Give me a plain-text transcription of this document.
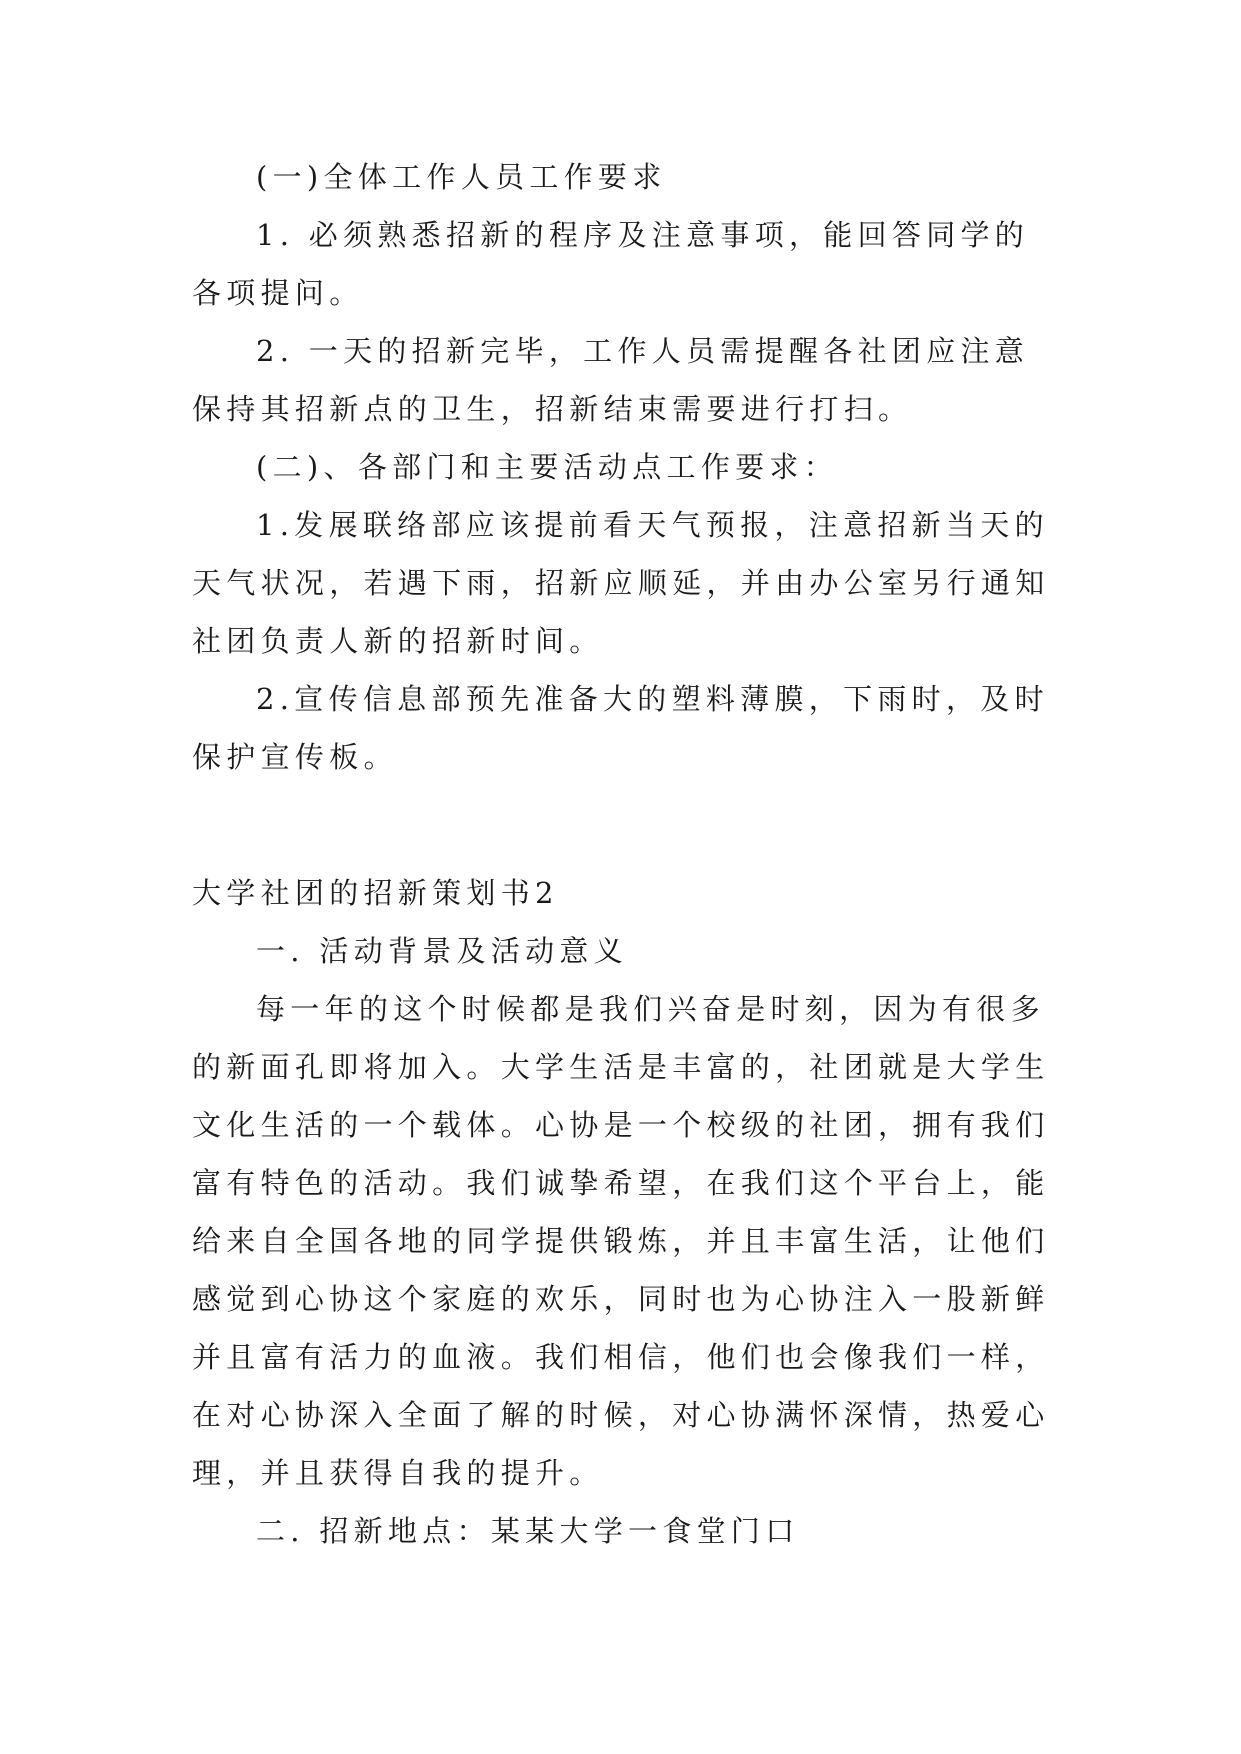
(一)全体工作人员工作要求

1. 必须熟悉招新的程序及注意事项，能回答同学的各项提问。

2. 一天的招新完毕，工作人员需提醒各社团应注意保持其招新点的卫生，招新结束需要进行打扫。

(二)、各部门和主要活动点工作要求：

1.发展联络部应该提前看天气预报，注意招新当天的天气状况，若遇下雨，招新应顺延，并由办公室另行通知社团负责人新的招新时间。

2.宣传信息部预先准备大的塑料薄膜，下雨时，及时保护宣传板。

大学社团的招新策划书2

一. 活动背景及活动意义

每一年的这个时候都是我们兴奋是时刻，因为有很多的新面孔即将加入。大学生活是丰富的，社团就是大学生文化生活的一个载体。心协是一个校级的社团，拥有我们富有特色的活动。我们诚挚希望，在我们这个平台上，能给来自全国各地的同学提供锻炼，并且丰富生活，让他们感觉到心协这个家庭的欢乐，同时也为心协注入一股新鲜并且富有活力的血液。我们相信，他们也会像我们一样，在对心协深入全面了解的时候，对心协满怀深情，热爱心理，并且获得自我的提升。

二. 招新地点：某某大学一食堂门口
